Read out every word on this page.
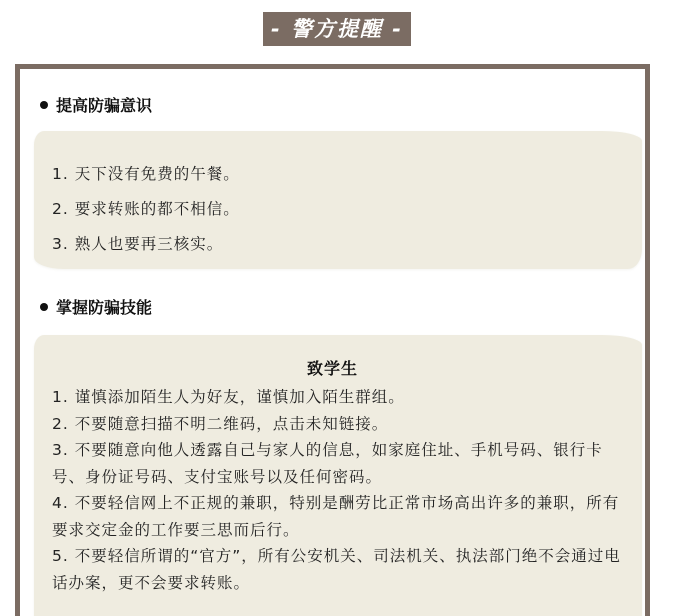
- 警方提醒 -
提高防骗意识
1. 天下没有免费的午餐。
2. 要求转账的都不相信。
3. 熟人也要再三核实。
掌握防骗技能
致学生
1. 谨慎添加陌生人为好友，谨慎加入陌生群组。
2. 不要随意扫描不明二维码，点击未知链接。
3. 不要随意向他人透露自己与家人的信息，如家庭住址、手机号码、银行卡号、身份证号码、支付宝账号以及任何密码。
4. 不要轻信网上不正规的兼职，特别是酬劳比正常市场高出许多的兼职，所有要求交定金的工作要三思而后行。
5. 不要轻信所谓的“官方”，所有公安机关、司法机关、执法部门绝不会通过电话办案，更不会要求转账。
